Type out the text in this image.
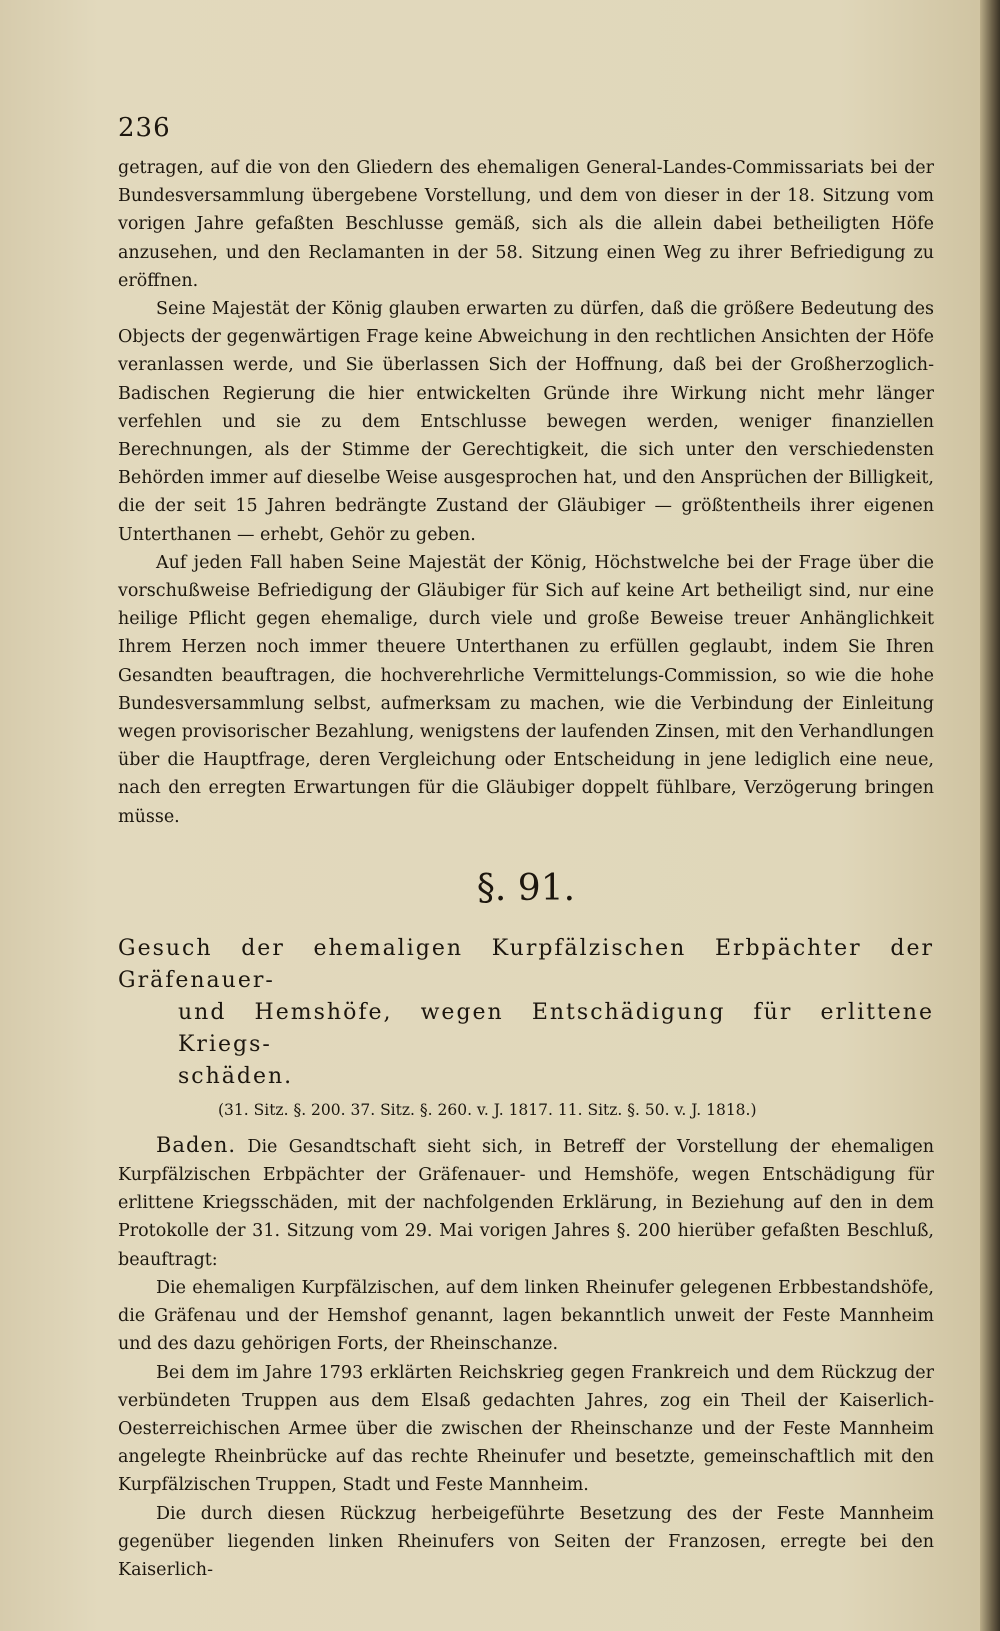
236

getragen, auf die von den Gliedern des ehemaligen General-Landes-Commissariats bei der Bundesversammlung übergebene Vorstellung, und dem von dieser in der 18. Sitzung vom vorigen Jahre gefaßten Beschlusse gemäß, sich als die allein dabei betheiligten Höfe anzusehen, und den Reclamanten in der 58. Sitzung einen Weg zu ihrer Befriedigung zu eröffnen.

Seine Majestät der König glauben erwarten zu dürfen, daß die größere Bedeutung des Objects der gegenwärtigen Frage keine Abweichung in den rechtlichen Ansichten der Höfe veranlassen werde, und Sie überlassen Sich der Hoffnung, daß bei der Großherzoglich-Badischen Regierung die hier entwickelten Gründe ihre Wirkung nicht mehr länger verfehlen und sie zu dem Entschlusse bewegen werden, weniger finanziellen Berechnungen, als der Stimme der Gerechtigkeit, die sich unter den verschiedensten Behörden immer auf dieselbe Weise ausgesprochen hat, und den Ansprüchen der Billigkeit, die der seit 15 Jahren bedrängte Zustand der Gläubiger — größtentheils ihrer eigenen Unterthanen — erhebt, Gehör zu geben.

Auf jeden Fall haben Seine Majestät der König, Höchstwelche bei der Frage über die vorschußweise Befriedigung der Gläubiger für Sich auf keine Art betheiligt sind, nur eine heilige Pflicht gegen ehemalige, durch viele und große Beweise treuer Anhänglichkeit Ihrem Herzen noch immer theuere Unterthanen zu erfüllen geglaubt, indem Sie Ihren Gesandten beauftragen, die hochverehrliche Vermittelungs-Commission, so wie die hohe Bundesversammlung selbst, aufmerksam zu machen, wie die Verbindung der Einleitung wegen provisorischer Bezahlung, wenigstens der laufenden Zinsen, mit den Verhandlungen über die Hauptfrage, deren Vergleichung oder Entscheidung in jene lediglich eine neue, nach den erregten Erwartungen für die Gläubiger doppelt fühlbare, Verzögerung bringen müsse.

§. 91.
Gesuch der ehemaligen Kurpfälzischen Erbpächter der Gräfenauer-
und Hemshöfe, wegen Entschädigung für erlittene Kriegs-
schäden.
(31. Sitz. §. 200. 37. Sitz. §. 260. v. J. 1817. 11. Sitz. §. 50. v. J. 1818.)

Baden. Die Gesandtschaft sieht sich, in Betreff der Vorstellung der ehemaligen Kurpfälzischen Erbpächter der Gräfenauer- und Hemshöfe, wegen Entschädigung für erlittene Kriegsschäden, mit der nachfolgenden Erklärung, in Beziehung auf den in dem Protokolle der 31. Sitzung vom 29. Mai vorigen Jahres §. 200 hierüber gefaßten Beschluß, beauftragt:

Die ehemaligen Kurpfälzischen, auf dem linken Rheinufer gelegenen Erbbestandshöfe, die Gräfenau und der Hemshof genannt, lagen bekanntlich unweit der Feste Mannheim und des dazu gehörigen Forts, der Rheinschanze.

Bei dem im Jahre 1793 erklärten Reichskrieg gegen Frankreich und dem Rückzug der verbündeten Truppen aus dem Elsaß gedachten Jahres, zog ein Theil der Kaiserlich-Oesterreichischen Armee über die zwischen der Rheinschanze und der Feste Mannheim angelegte Rheinbrücke auf das rechte Rheinufer und besetzte, gemeinschaftlich mit den Kurpfälzischen Truppen, Stadt und Feste Mannheim.

Die durch diesen Rückzug herbeigeführte Besetzung des der Feste Mannheim gegenüber liegenden linken Rheinufers von Seiten der Franzosen, erregte bei den Kaiserlich-
